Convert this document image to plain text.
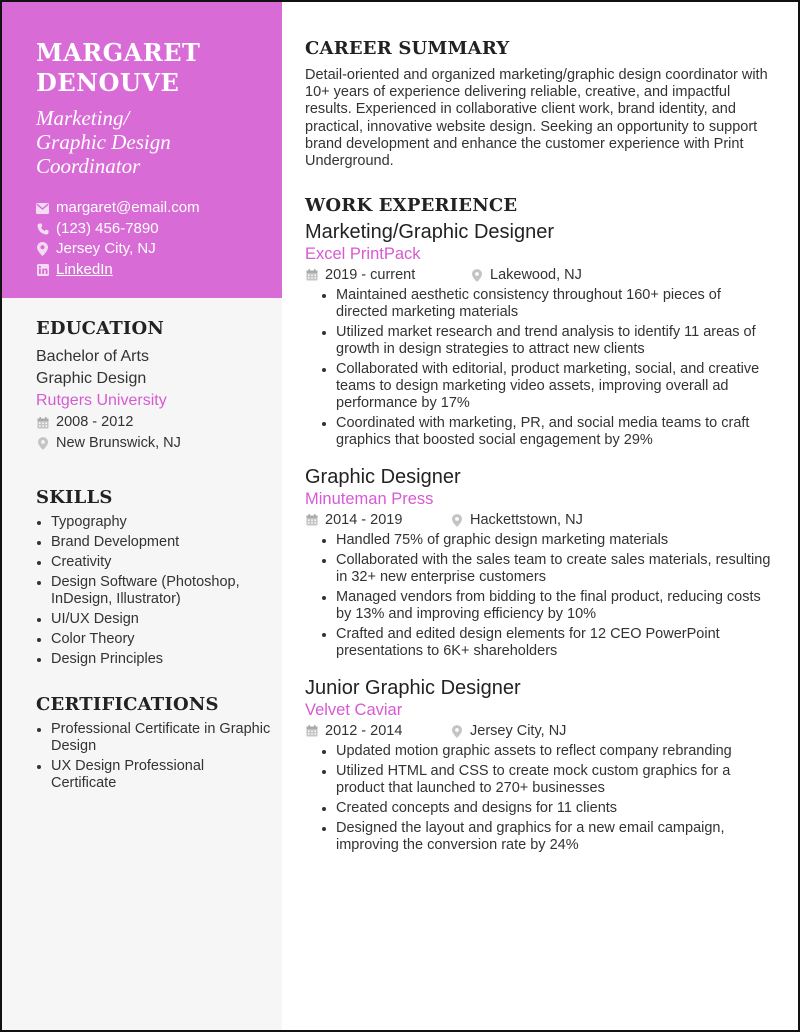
MARGARET
DENOUVE
Marketing/
Graphic Design
Coordinator
margaret@email.com
(123) 456-7890
Jersey City, NJ
LinkedIn
EDUCATION
Bachelor of Arts
Graphic Design
Rutgers University
2008 - 2012
New Brunswick, NJ
SKILLS
Typography
Brand Development
Creativity
Design Software (Photoshop, InDesign, Illustrator)
UI/UX Design
Color Theory
Design Principles
CERTIFICATIONS
Professional Certificate in Graphic Design
UX Design Professional Certificate
CAREER SUMMARY
Detail-oriented and organized marketing/graphic design coordinator with 10+ years of experience delivering reliable, creative, and impactful results. Experienced in collaborative client work, brand identity, and practical, innovative website design. Seeking an opportunity to support brand development and enhance the customer experience with Print Underground.
WORK EXPERIENCE
Marketing/Graphic Designer
Excel PrintPack
2019 - current	Lakewood, NJ
Maintained aesthetic consistency throughout 160+ pieces of directed marketing materials
Utilized market research and trend analysis to identify 11 areas of growth in design strategies to attract new clients
Collaborated with editorial, product marketing, social, and creative teams to design marketing video assets, improving overall ad performance by 17%
Coordinated with marketing, PR, and social media teams to craft graphics that boosted social engagement by 29%
Graphic Designer
Minuteman Press
2014 - 2019	Hackettstown, NJ
Handled 75% of graphic design marketing materials
Collaborated with the sales team to create sales materials, resulting in 32+ new enterprise customers
Managed vendors from bidding to the final product, reducing costs by 13% and improving efficiency by 10%
Crafted and edited design elements for 12 CEO PowerPoint presentations to 6K+ shareholders
Junior Graphic Designer
Velvet Caviar
2012 - 2014	Jersey City, NJ
Updated motion graphic assets to reflect company rebranding
Utilized HTML and CSS to create mock custom graphics for a product that launched to 270+ businesses
Created concepts and designs for 11 clients
Designed the layout and graphics for a new email campaign, improving the conversion rate by 24%
